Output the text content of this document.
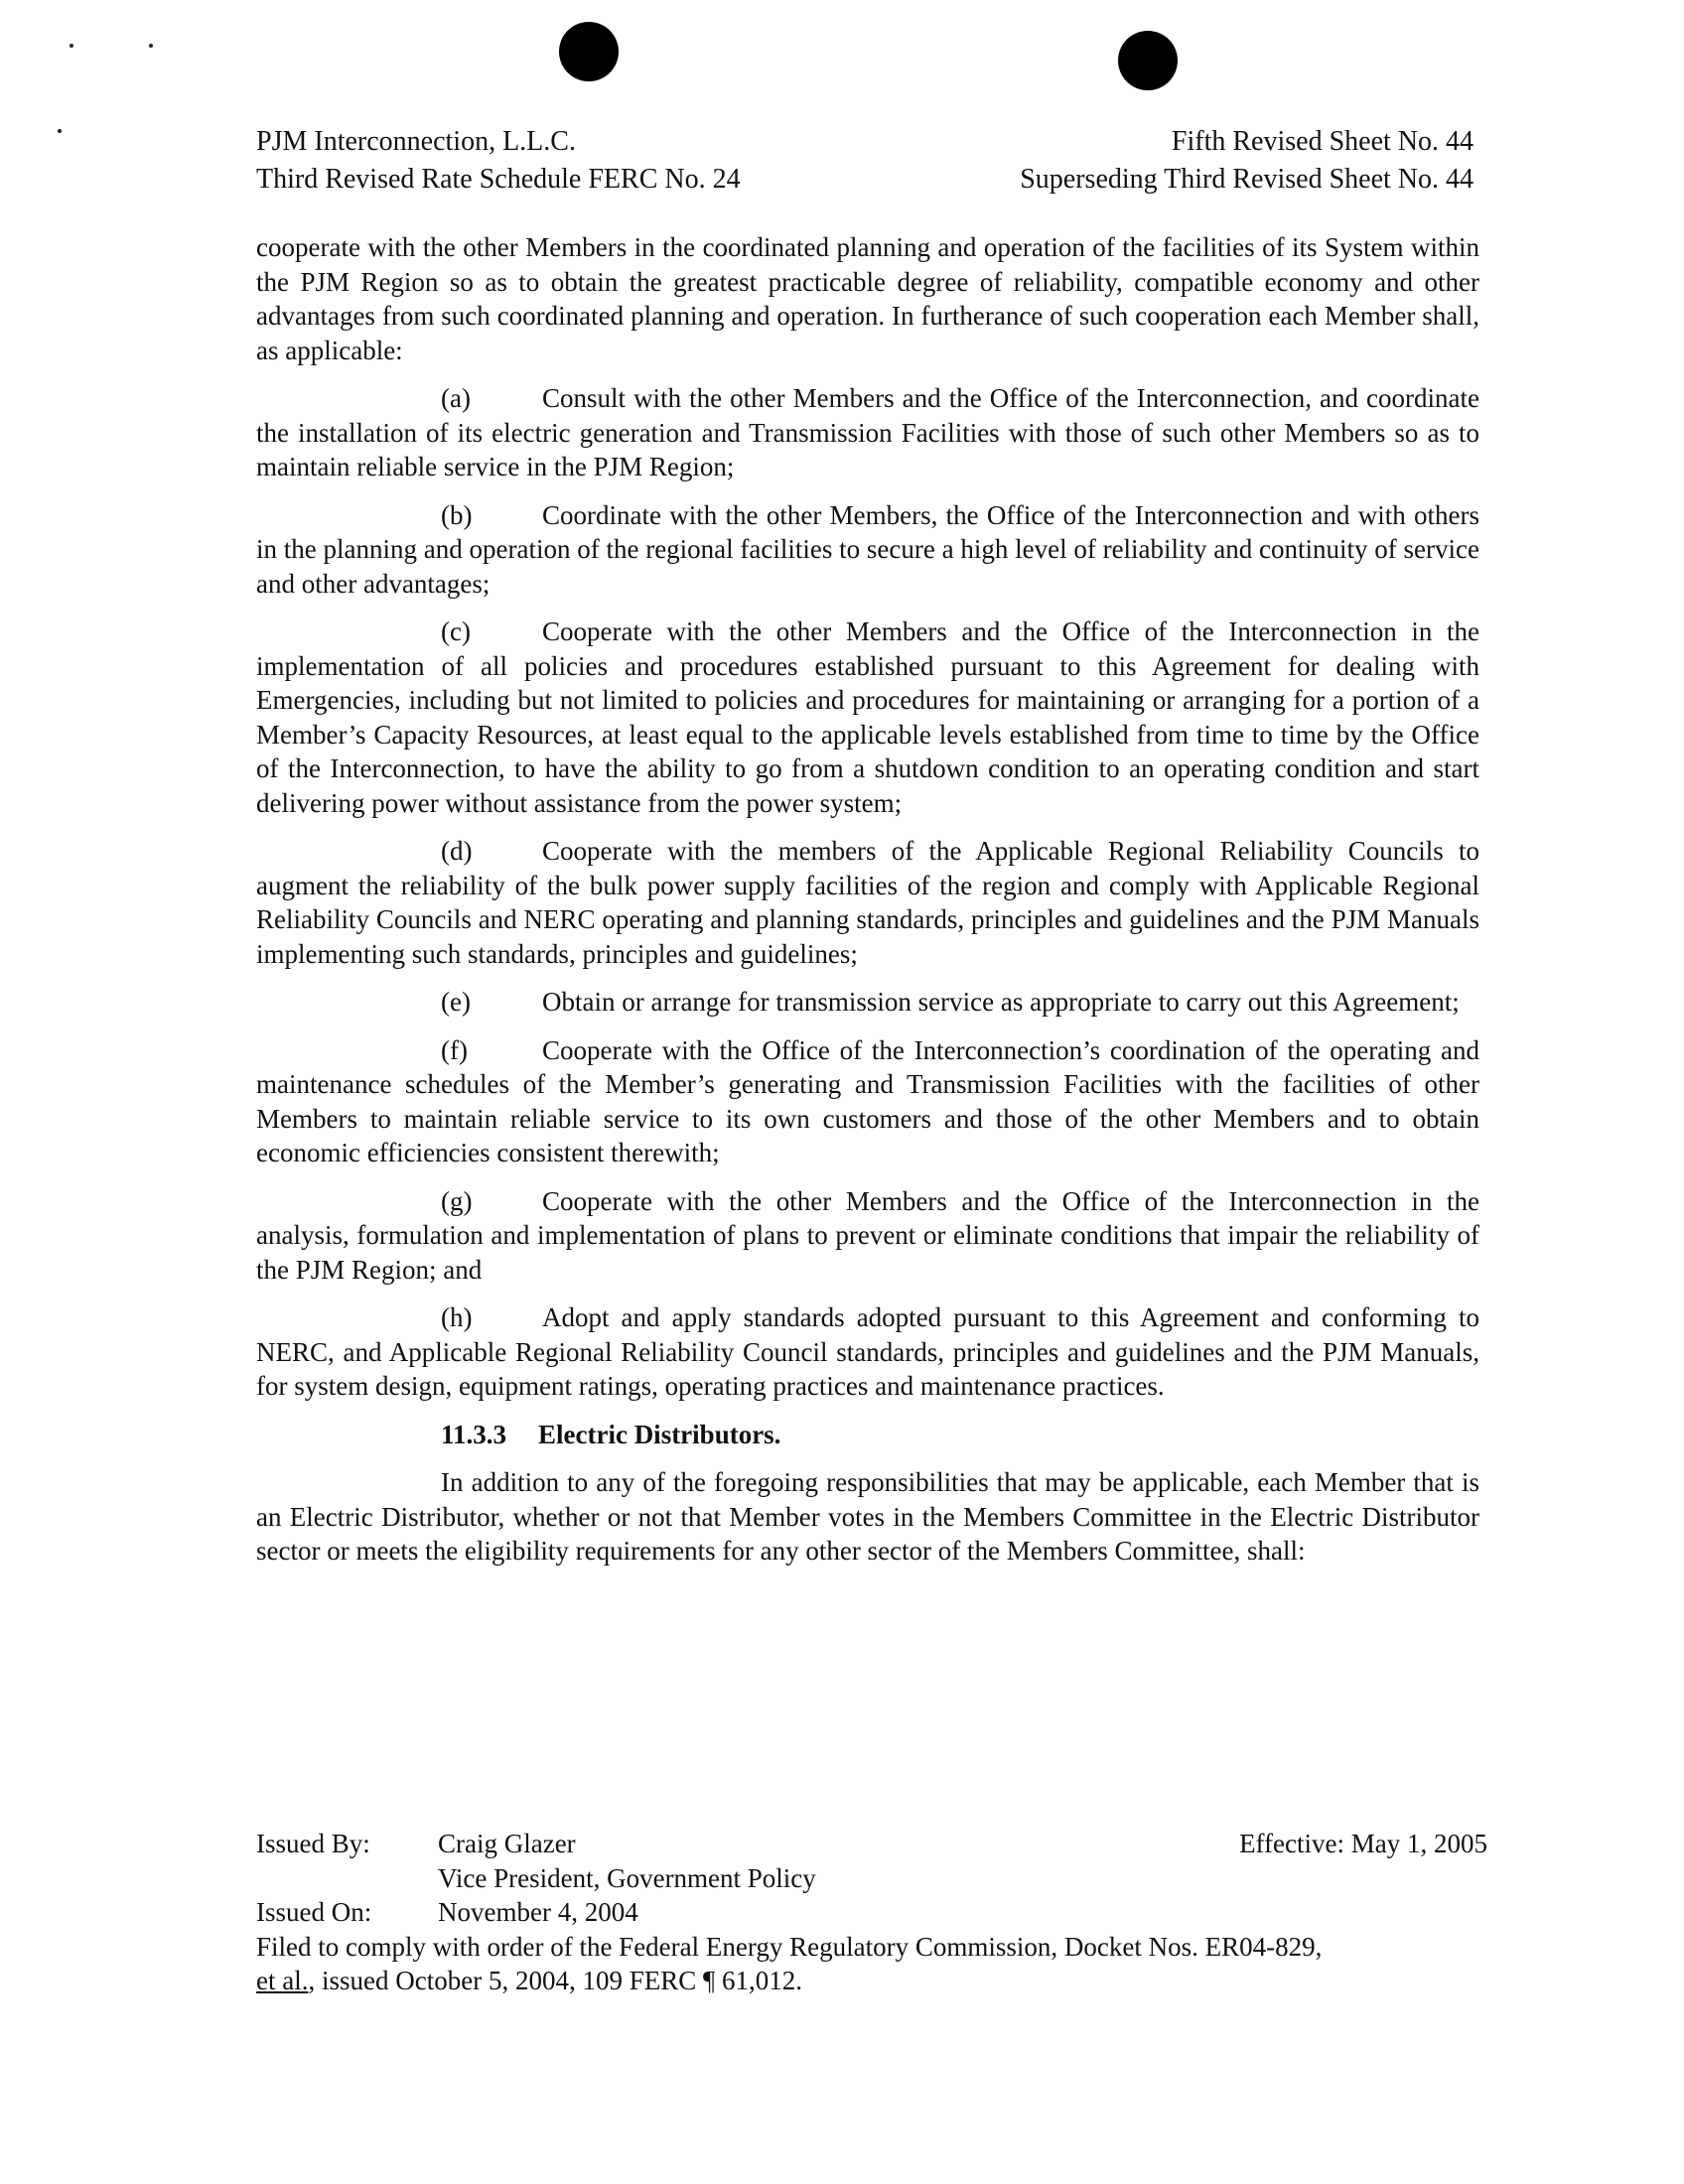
PJM Interconnection, L.L.C.
Third Revised Rate Schedule FERC No. 24
Fifth Revised Sheet No. 44
Superseding Third Revised Sheet No. 44

cooperate with the other Members in the coordinated planning and operation of the facilities of its System within the PJM Region so as to obtain the greatest practicable degree of reliability, compatible economy and other advantages from such coordinated planning and operation. In furtherance of such cooperation each Member shall, as applicable:

(a)	Consult with the other Members and the Office of the Interconnection, and coordinate the installation of its electric generation and Transmission Facilities with those of such other Members so as to maintain reliable service in the PJM Region;

(b)	Coordinate with the other Members, the Office of the Interconnection and with others in the planning and operation of the regional facilities to secure a high level of reliability and continuity of service and other advantages;

(c)	Cooperate with the other Members and the Office of the Interconnection in the implementation of all policies and procedures established pursuant to this Agreement for dealing with Emergencies, including but not limited to policies and procedures for maintaining or arranging for a portion of a Member’s Capacity Resources, at least equal to the applicable levels established from time to time by the Office of the Interconnection, to have the ability to go from a shutdown condition to an operating condition and start delivering power without assistance from the power system;

(d)	Cooperate with the members of the Applicable Regional Reliability Councils to augment the reliability of the bulk power supply facilities of the region and comply with Applicable Regional Reliability Councils and NERC operating and planning standards, principles and guidelines and the PJM Manuals implementing such standards, principles and guidelines;

(e)	Obtain or arrange for transmission service as appropriate to carry out this Agreement;

(f)	Cooperate with the Office of the Interconnection’s coordination of the operating and maintenance schedules of the Member’s generating and Transmission Facilities with the facilities of other Members to maintain reliable service to its own customers and those of the other Members and to obtain economic efficiencies consistent therewith;

(g)	Cooperate with the other Members and the Office of the Interconnection in the analysis, formulation and implementation of plans to prevent or eliminate conditions that impair the reliability of the PJM Region; and

(h)	Adopt and apply standards adopted pursuant to this Agreement and conforming to NERC, and Applicable Regional Reliability Council standards, principles and guidelines and the PJM Manuals, for system design, equipment ratings, operating practices and maintenance practices.

11.3.3 Electric Distributors.

In addition to any of the foregoing responsibilities that may be applicable, each Member that is an Electric Distributor, whether or not that Member votes in the Members Committee in the Electric Distributor sector or meets the eligibility requirements for any other sector of the Members Committee, shall:

Issued By:	Craig Glazer	Effective: May 1, 2005
Vice President, Government Policy
Issued On: November 4, 2004
Filed to comply with order of the Federal Energy Regulatory Commission, Docket Nos. ER04-829,
et al., issued October 5, 2004, 109 FERC ¶ 61,012.
